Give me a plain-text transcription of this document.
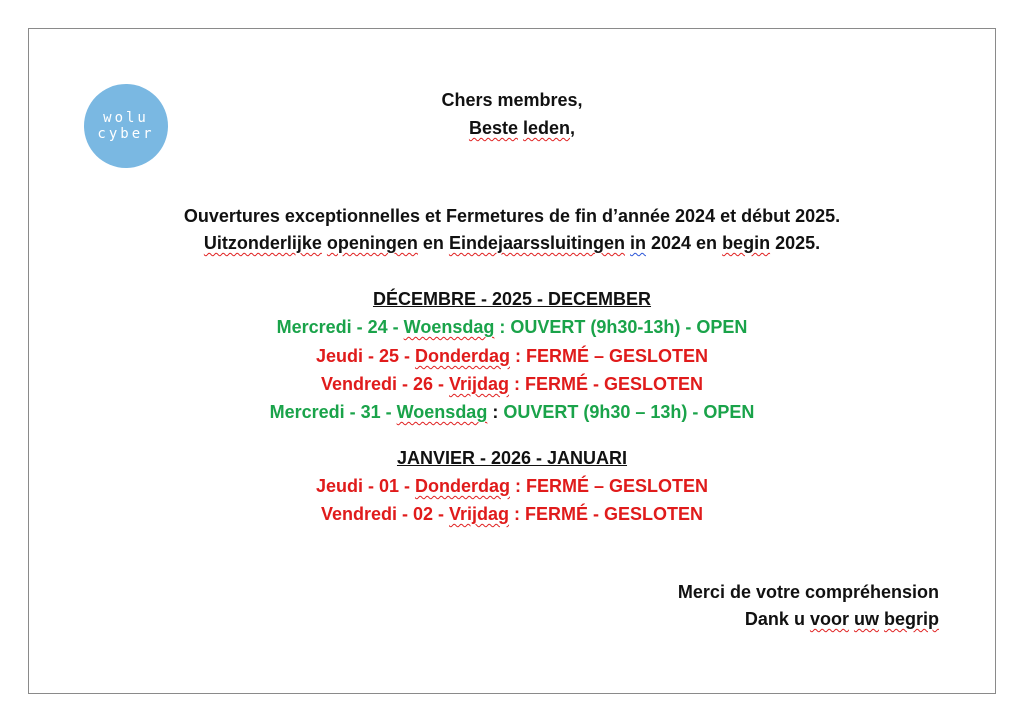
wolu
cyber
Chers membres,
Beste leden,
Ouvertures exceptionnelles et Fermetures de fin d’année 2024 et début 2025.
Uitzonderlijke openingen en Eindejaarssluitingen in 2024 en begin 2025.
DÉCEMBRE - 2025 - DECEMBER
Mercredi - 24 - Woensdag : OUVERT (9h30-13h) - OPEN
Jeudi - 25 - Donderdag : FERMÉ – GESLOTEN
Vendredi - 26 - Vrijdag : FERMÉ - GESLOTEN
Mercredi - 31 - Woensdag : OUVERT (9h30 – 13h) - OPEN
JANVIER - 2026 - JANUARI
Jeudi - 01 - Donderdag : FERMÉ – GESLOTEN
Vendredi - 02 - Vrijdag : FERMÉ - GESLOTEN
Merci de votre compréhension
Dank u voor uw begrip
